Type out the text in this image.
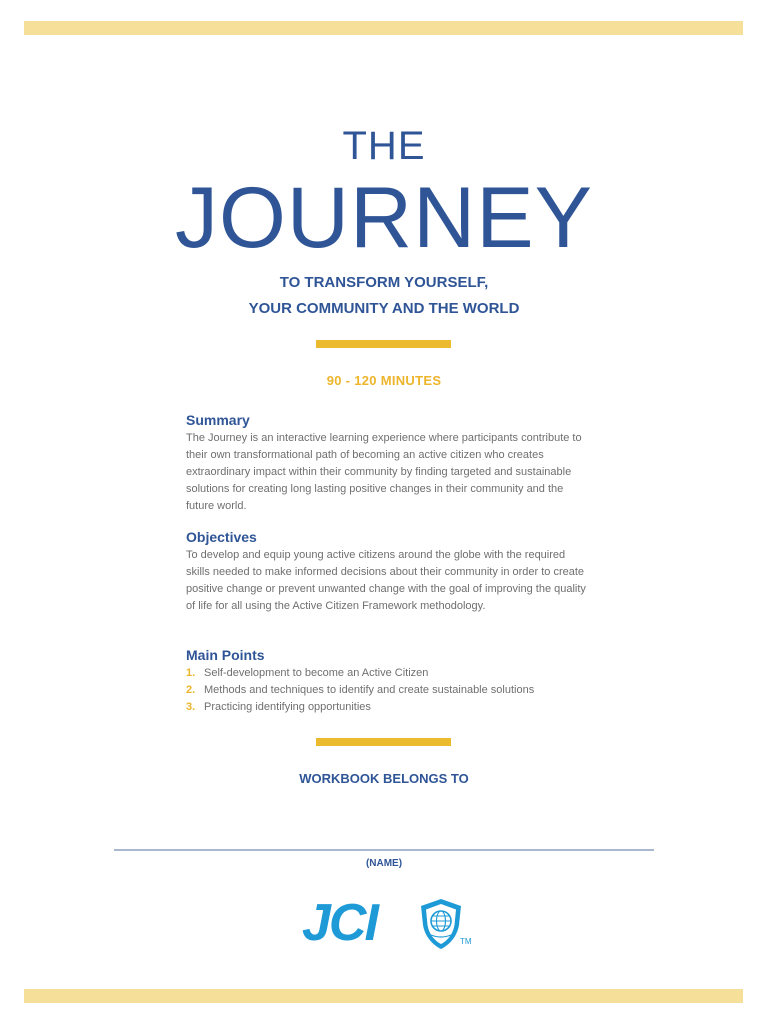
THE
JOURNEY
TO TRANSFORM YOURSELF,
YOUR COMMUNITY AND THE WORLD
90 - 120 MINUTES
Summary

The Journey is an interactive learning experience where participants contribute to their own transformational path of becoming an active citizen who creates extraordinary impact within their community by finding targeted and sustainable solutions for creating long lasting positive changes in their community and the future world.

Objectives

To develop and equip young active citizens around the globe with the required skills needed to make informed decisions about their community in order to create positive change or prevent unwanted change with the goal of improving the quality of life for all using the Active Citizen Framework methodology.

Main Points
1. Self-development to become an Active Citizen
2. Methods and techniques to identify and create sustainable solutions
3. Practicing identifying opportunities
WORKBOOK BELONGS TO
(NAME)
JCI	TM
